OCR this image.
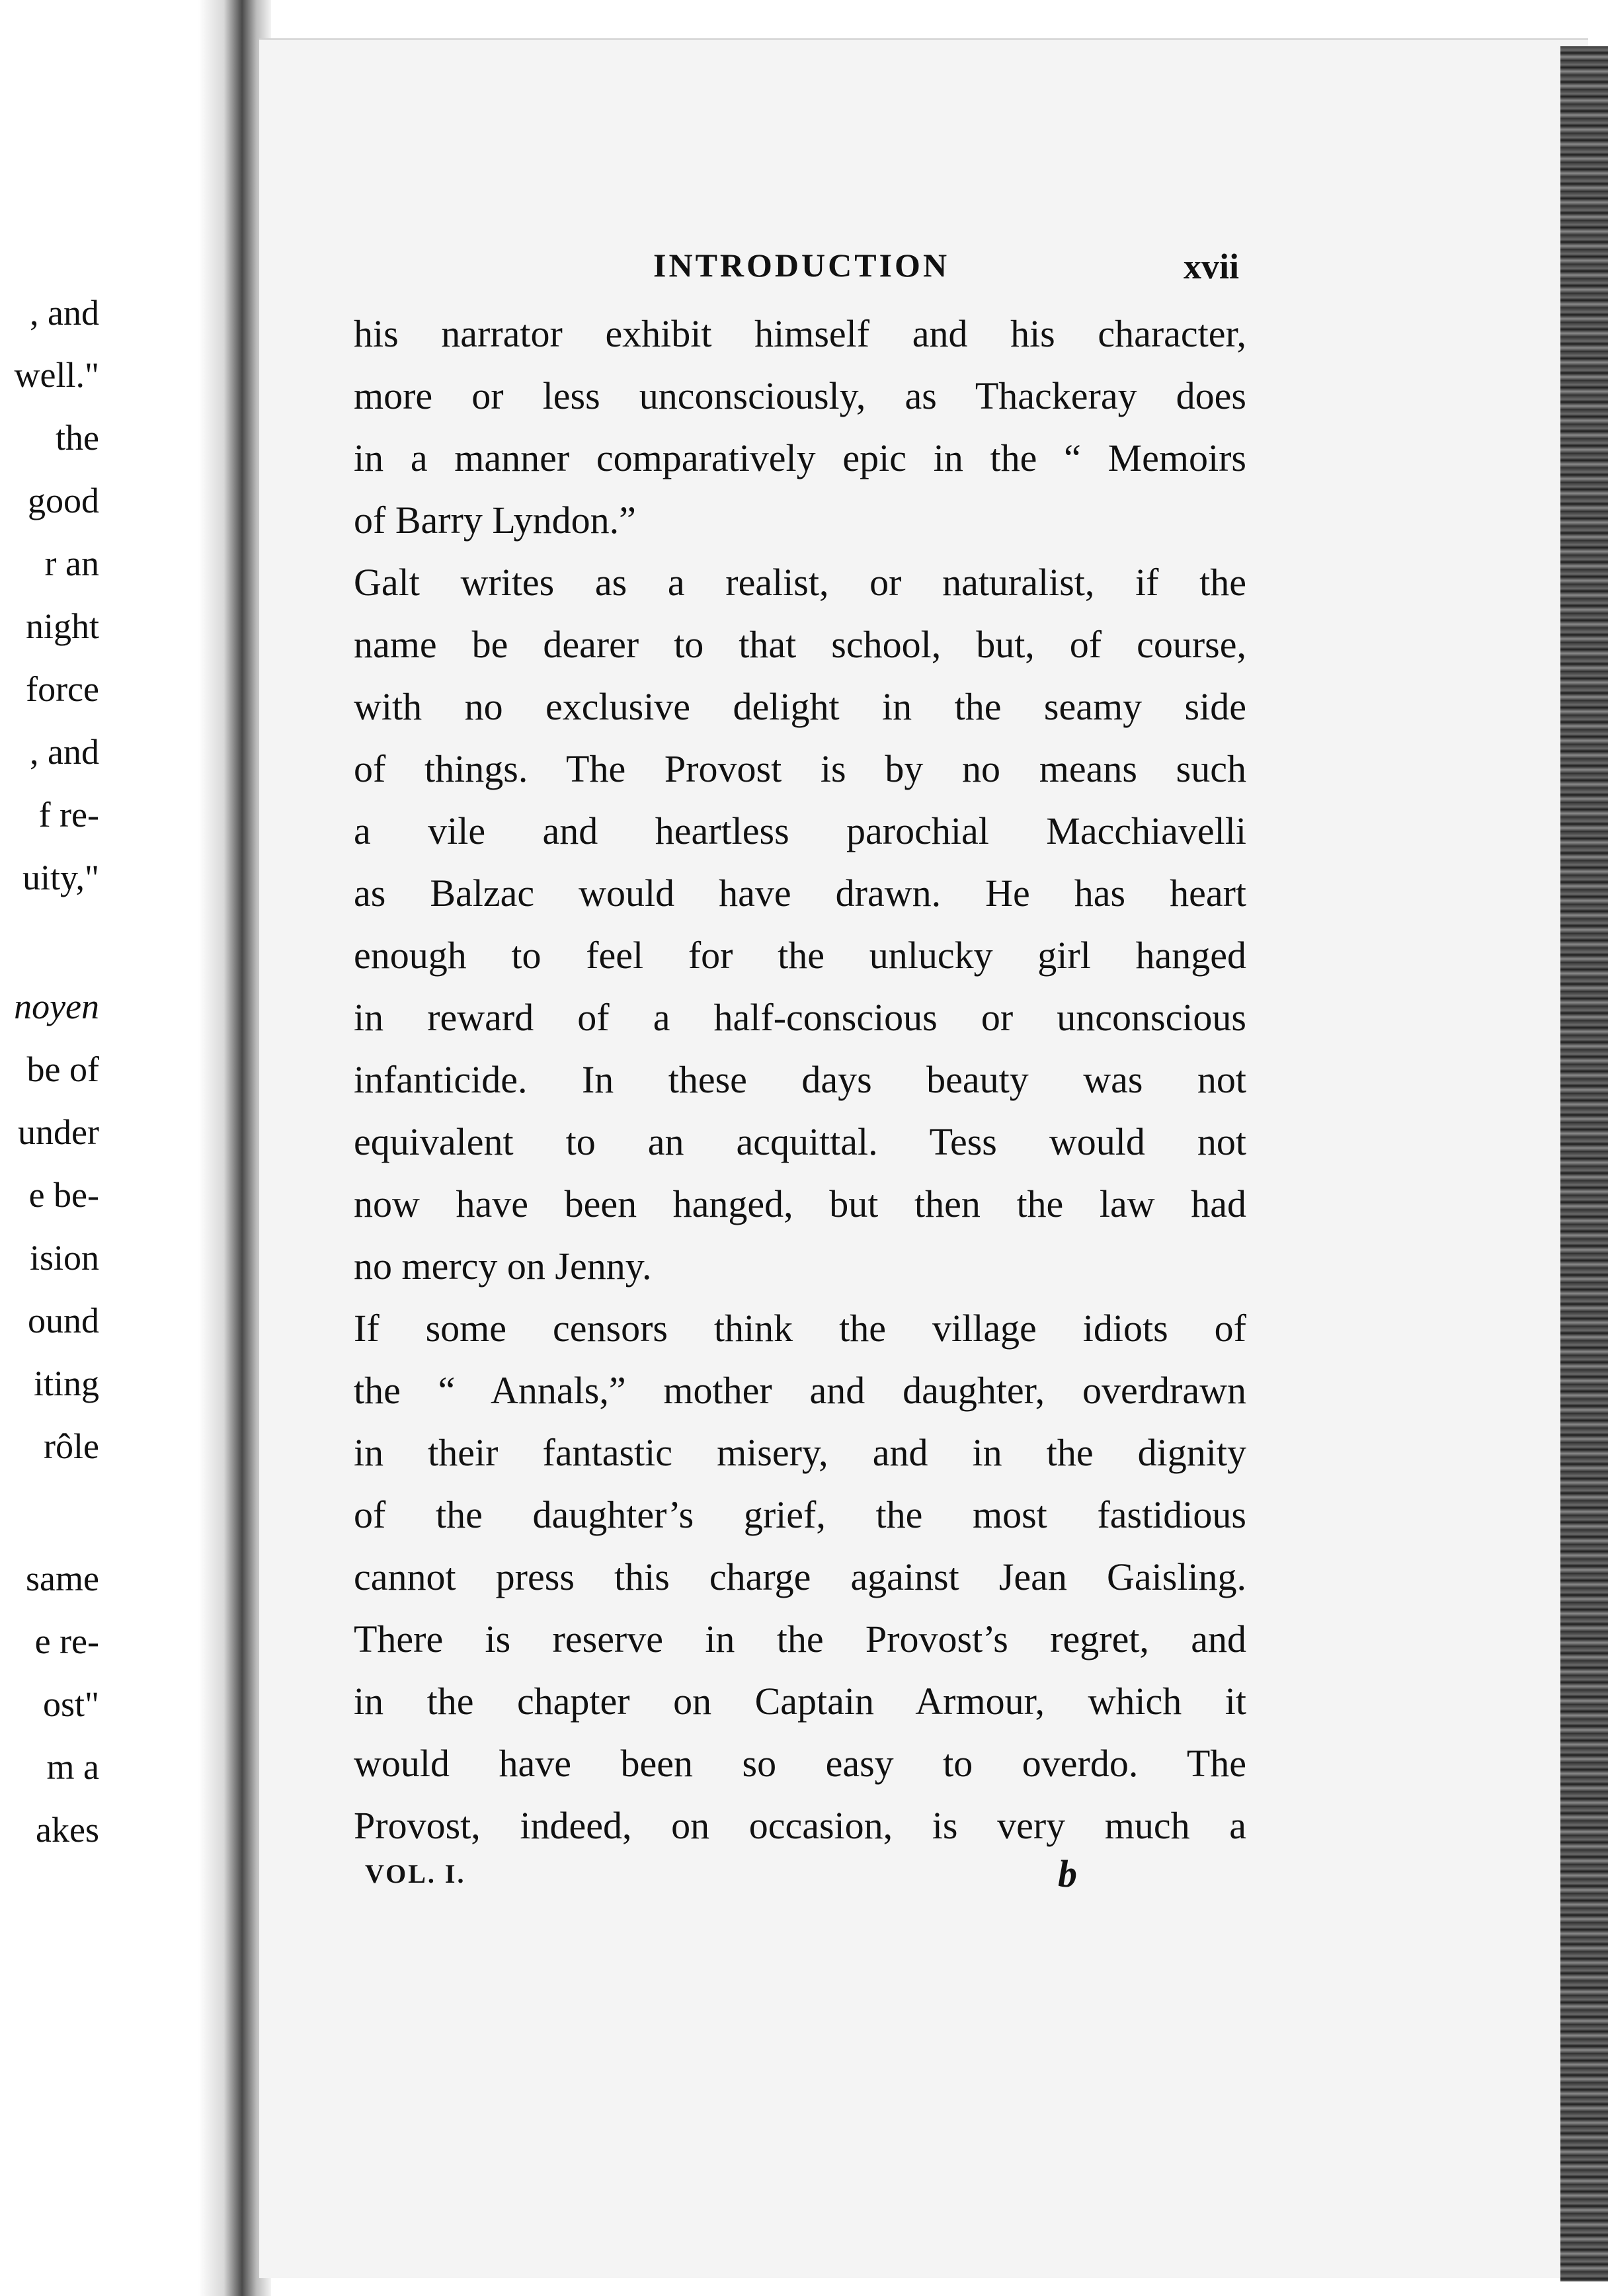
, and
well."
the
good
r an
night
force
, and
f re-
uity,"
noyen
be of
under
e be-
ision
ound
iting
rôle
same
e re-
ost"
m a
akes
INTRODUCTION	xvii

his narrator exhibit himself and his character,

more or less unconsciously, as Thackeray does

in a manner comparatively epic in the “ Memoirs

of Barry Lyndon.”

Galt writes as a realist, or naturalist, if the

name be dearer to that school, but, of course,

with no exclusive delight in the seamy side

of things. The Provost is by no means such

a vile and heartless parochial Macchiavelli

as Balzac would have drawn. He has heart

enough to feel for the unlucky girl hanged

in reward of a half-conscious or unconscious

infanticide. In these days beauty was not

equivalent to an acquittal. Tess would not

now have been hanged, but then the law had

no mercy on Jenny.

If some censors think the village idiots of

the “ Annals,” mother and daughter, overdrawn

in their fantastic misery, and in the dignity

of the daughter’s grief, the most fastidious

cannot press this charge against Jean Gaisling.

There is reserve in the Provost’s regret, and

in the chapter on Captain Armour, which it

would have been so easy to overdo. The

Provost, indeed, on occasion, is very much a

VOL. I.	b
